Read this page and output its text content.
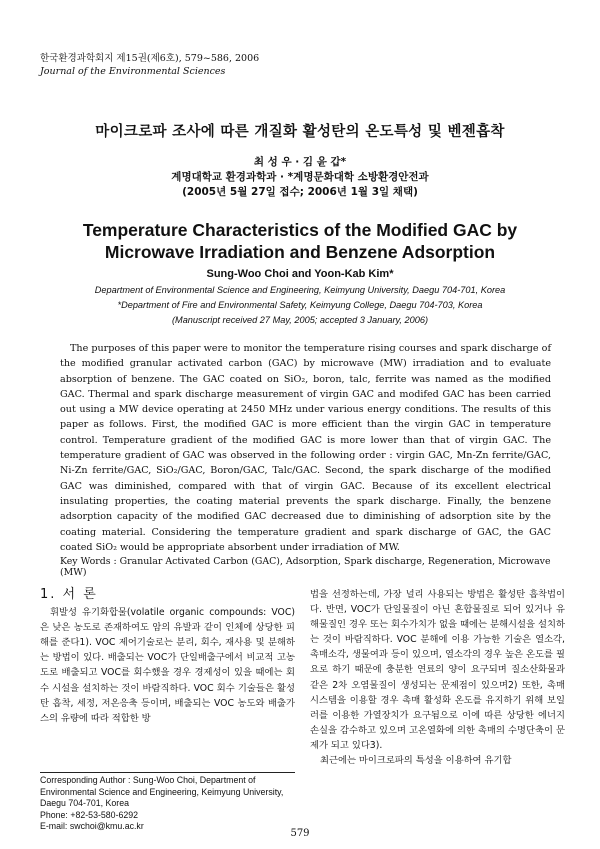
한국환경과학회지 제15권(제6호), 579~586, 2006
Journal of the Environmental Sciences
마이크로파 조사에 따른 개질화 활성탄의 온도특성 및 벤젠흡착
최 성 우 · 김 윤 갑*
계명대학교 환경과학과 · *계명문화대학 소방환경안전과
(2005년 5월 27일 접수; 2006년 1월 3일 채택)
Temperature Characteristics of the Modified GAC by
Microwave Irradiation and Benzene Adsorption
Sung-Woo Choi and Yoon-Kab Kim*
Department of Environmental Science and Engineering, Keimyung University, Daegu 704-701, Korea
*Department of Fire and Environmental Safety, Keimyung College, Daegu 704-703, Korea
(Manuscript received 27 May, 2005; accepted 3 January, 2006)
The purposes of this paper were to monitor the temperature rising courses and spark discharge of the modified granular activated carbon (GAC) by microwave (MW) irradiation and to evaluate absorption of benzene. The GAC coated on SiO₂, boron, talc, ferrite was named as the modified GAC. Thermal and spark discharge measurement of virgin GAC and modifed GAC has been carried out using a MW device operating at 2450 MHz under various energy conditions. The results of this paper as follows. First, the modified GAC is more efficient than the virgin GAC in temperature control. Temperature gradient of the modified GAC is more lower than that of virgin GAC. The temperature gradient of GAC was observed in the following order : virgin GAC, Mn-Zn ferrite/GAC, Ni-Zn ferrite/GAC, SiO₂/GAC, Boron/GAC, Talc/GAC. Second, the spark discharge of the modified GAC was diminished, compared with that of virgin GAC. Because of its excellent electrical insulating properties, the coating material prevents the spark discharge. Finally, the benzene adsorption capacity of the modified GAC decreased due to diminishing of adsorption site by the coating material. Considering the temperature gradient and spark discharge of GAC, the GAC coated SiO₂ would be appropriate absorbent under irradiation of MW.
Key Words : Granular Activated Carbon (GAC), Adsorption, Spark discharge, Regeneration, Microwave (MW)
1. 서 론

휘발성 유기화합물(volatile organic compounds: VOC)은 낮은 농도로 존재하여도 암의 유발과 같이 인체에 상당한 피해를 준다1). VOC 제어기술로는 분리, 회수, 재사용 및 분해하는 방법이 있다. 배출되는 VOC가 단일배출구에서 비교적 고농도로 배출되고 VOC를 회수했을 경우 경제성이 있을 때에는 회수 시설을 설치하는 것이 바람직하다. VOC 회수 기술들은 활성탄 흡착, 세정, 저온응축 등이며, 배출되는 VOC 농도와 배출가스의 유량에 따라 적합한 방

법을 선정하는데, 가장 널리 사용되는 방법은 활성탄 흡착법이다. 반면, VOC가 단일물질이 아닌 혼합물질로 되어 있거나 유해물질인 경우 또는 회수가치가 없을 때에는 분해시설을 설치하는 것이 바람직하다. VOC 분해에 이용 가능한 기술은 열소각, 촉매소각, 생물여과 등이 있으며, 열소각의 경우 높은 온도를 필요로 하기 때문에 충분한 연료의 양이 요구되며 질소산화물과 같은 2차 오염물질이 생성되는 문제점이 있으며2) 또한, 촉매 시스템을 이용할 경우 촉매 활성화 온도를 유지하기 위해 보일러를 이용한 가열장치가 요구됨으로 이에 따른 상당한 에너지 손실을 감수하고 있으며 고온열화에 의한 촉매의 수명단축이 문제가 되고 있다3).

최근에는 마이크로파의 특성을 이용하여 유기합

Corresponding Author : Sung-Woo Choi, Department of Environmental Science and Engineering, Keimyung University, Daegu 704-701, Korea
Phone: +82-53-580-6292
E-mail: swchoi@kmu.ac.kr
579
